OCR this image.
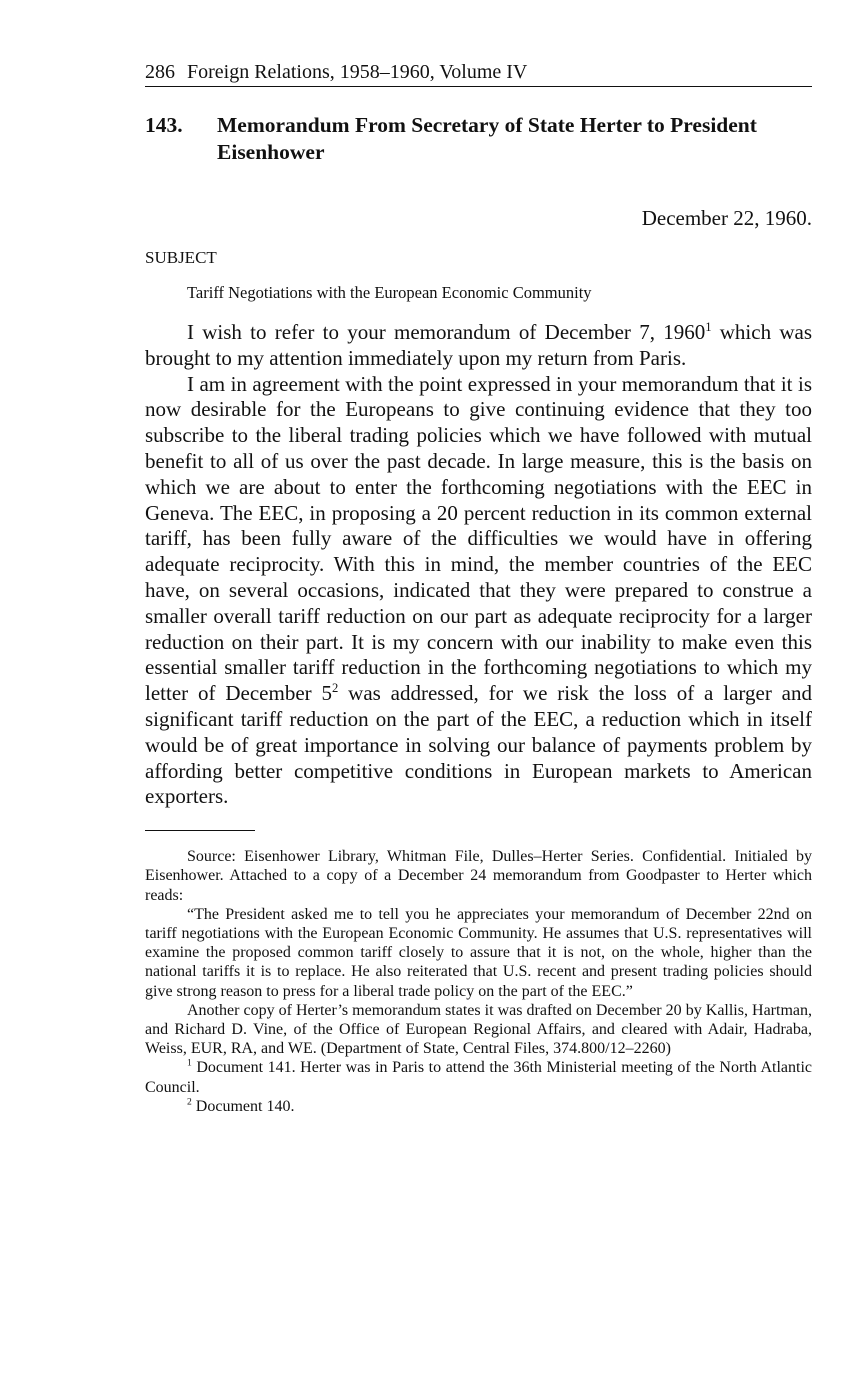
286 Foreign Relations, 1958–1960, Volume IV
143.	Memorandum From Secretary of State Herter to President Eisenhower
December 22, 1960.
SUBJECT
Tariff Negotiations with the European Economic Community

I wish to refer to your memorandum of December 7, 1960$^1$ which was brought to my attention immediately upon my return from Paris.

I am in agreement with the point expressed in your memorandum that it is now desirable for the Europeans to give continuing evidence that they too subscribe to the liberal trading policies which we have followed with mutual benefit to all of us over the past decade. In large measure, this is the basis on which we are about to enter the forthcoming negotiations with the EEC in Geneva. The EEC, in proposing a 20 percent reduction in its common external tariff, has been fully aware of the difficulties we would have in offering adequate reciprocity. With this in mind, the member countries of the EEC have, on several occasions, indicated that they were prepared to construe a smaller overall tariff reduction on our part as adequate reciprocity for a larger reduction on their part. It is my concern with our inability to make even this essential smaller tariff reduction in the forthcoming negotiations to which my letter of December $5^2$ was addressed, for we risk the loss of a larger and significant tariff reduction on the part of the EEC, a reduction which in itself would be of great importance in solving our balance of payments problem by affording better competitive conditions in European markets to American exporters.

Source: Eisenhower Library, Whitman File, Dulles–Herter Series. Confidential. Initialed by Eisenhower. Attached to a copy of a December 24 memorandum from Goodpaster to Herter which reads:

“The President asked me to tell you he appreciates your memorandum of December 22nd on tariff negotiations with the European Economic Community. He assumes that U.S. representatives will examine the proposed common tariff closely to assure that it is not, on the whole, higher than the national tariffs it is to replace. He also reiterated that U.S. recent and present trading policies should give strong reason to press for a liberal trade policy on the part of the EEC.”

Another copy of Herter’s memorandum states it was drafted on December 20 by Kallis, Hartman, and Richard D. Vine, of the Office of European Regional Affairs, and cleared with Adair, Hadraba, Weiss, EUR, RA, and WE. (Department of State, Central Files, 374.800/12–2260)

$^1$ Document 141. Herter was in Paris to attend the 36th Ministerial meeting of the North Atlantic Council.

$^2$ Document 140.
